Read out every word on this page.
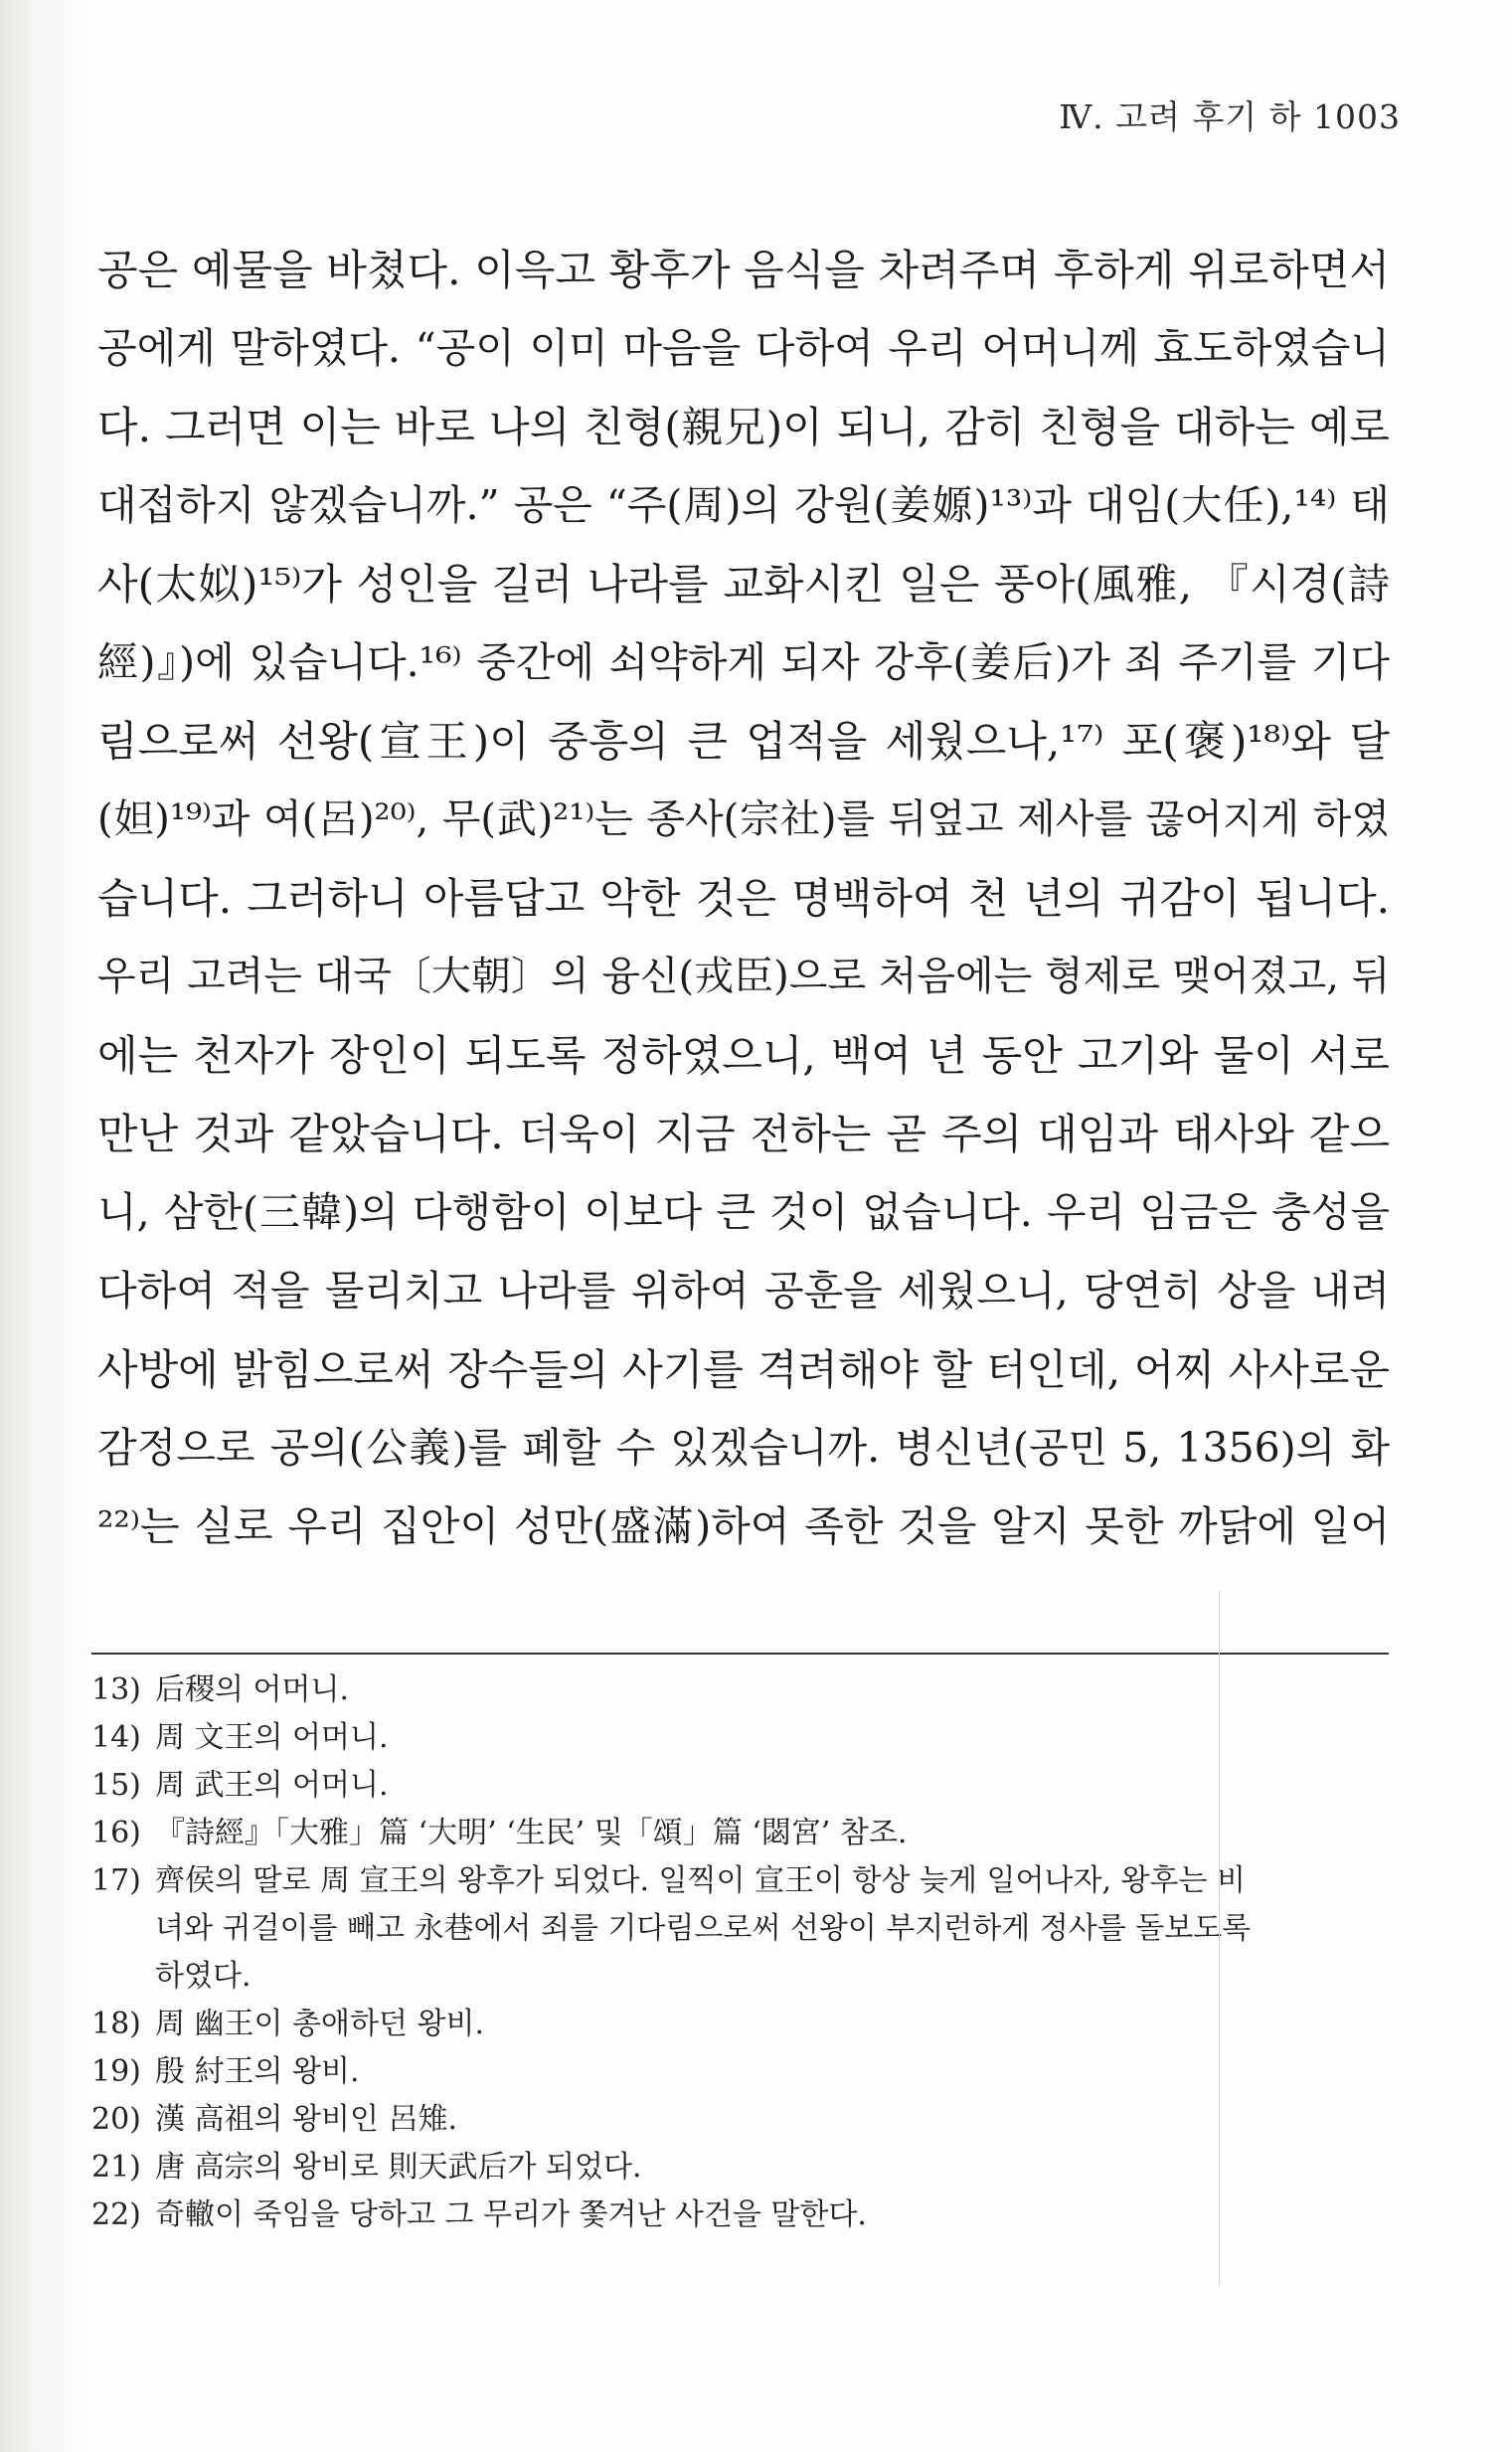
Ⅳ. 고려 후기 하 1003
공은 예물을 바쳤다. 이윽고 황후가 음식을 차려주며 후하게 위로하면서
공에게 말하였다. “공이 이미 마음을 다하여 우리 어머니께 효도하였습니
다. 그러면 이는 바로 나의 친형(親兄)이 되니, 감히 친형을 대하는 예로
대접하지 않겠습니까.” 공은 “주(周)의 강원(姜嫄)¹³⁾과 대임(大任),¹⁴⁾ 태
사(太姒)¹⁵⁾가 성인을 길러 나라를 교화시킨 일은 풍아(風雅, 『시경(詩
經)』)에 있습니다.¹⁶⁾ 중간에 쇠약하게 되자 강후(姜后)가 죄 주기를 기다
림으로써 선왕(宣王)이 중흥의 큰 업적을 세웠으나,¹⁷⁾ 포(褒)¹⁸⁾와 달
(妲)¹⁹⁾과 여(呂)²⁰⁾, 무(武)²¹⁾는 종사(宗社)를 뒤엎고 제사를 끊어지게 하였
습니다. 그러하니 아름답고 악한 것은 명백하여 천 년의 귀감이 됩니다.
우리 고려는 대국〔大朝〕의 융신(戎臣)으로 처음에는 형제로 맺어졌고, 뒤
에는 천자가 장인이 되도록 정하였으니, 백여 년 동안 고기와 물이 서로
만난 것과 같았습니다. 더욱이 지금 전하는 곧 주의 대임과 태사와 같으
니, 삼한(三韓)의 다행함이 이보다 큰 것이 없습니다. 우리 임금은 충성을
다하여 적을 물리치고 나라를 위하여 공훈을 세웠으니, 당연히 상을 내려
사방에 밝힘으로써 장수들의 사기를 격려해야 할 터인데, 어찌 사사로운
감정으로 공의(公義)를 폐할 수 있겠습니까. 병신년(공민 5, 1356)의 화
²²⁾는 실로 우리 집안이 성만(盛滿)하여 족한 것을 알지 못한 까닭에 일어
13) 后稷의 어머니.
14) 周 文王의 어머니.
15) 周 武王의 어머니.
16) 『詩經』「大雅」篇 ‘大明’ ‘生民’ 및「頌」篇 ‘閟宮’ 참조.
17) 齊侯의 딸로 周 宣王의 왕후가 되었다. 일찍이 宣王이 항상 늦게 일어나자, 왕후는 비
녀와 귀걸이를 빼고 永巷에서 죄를 기다림으로써 선왕이 부지런하게 정사를 돌보도록
하였다.
18) 周 幽王이 총애하던 왕비.
19) 殷 紂王의 왕비.
20) 漢 高祖의 왕비인 呂雉.
21) 唐 高宗의 왕비로 則天武后가 되었다.
22) 奇轍이 죽임을 당하고 그 무리가 쫓겨난 사건을 말한다.
